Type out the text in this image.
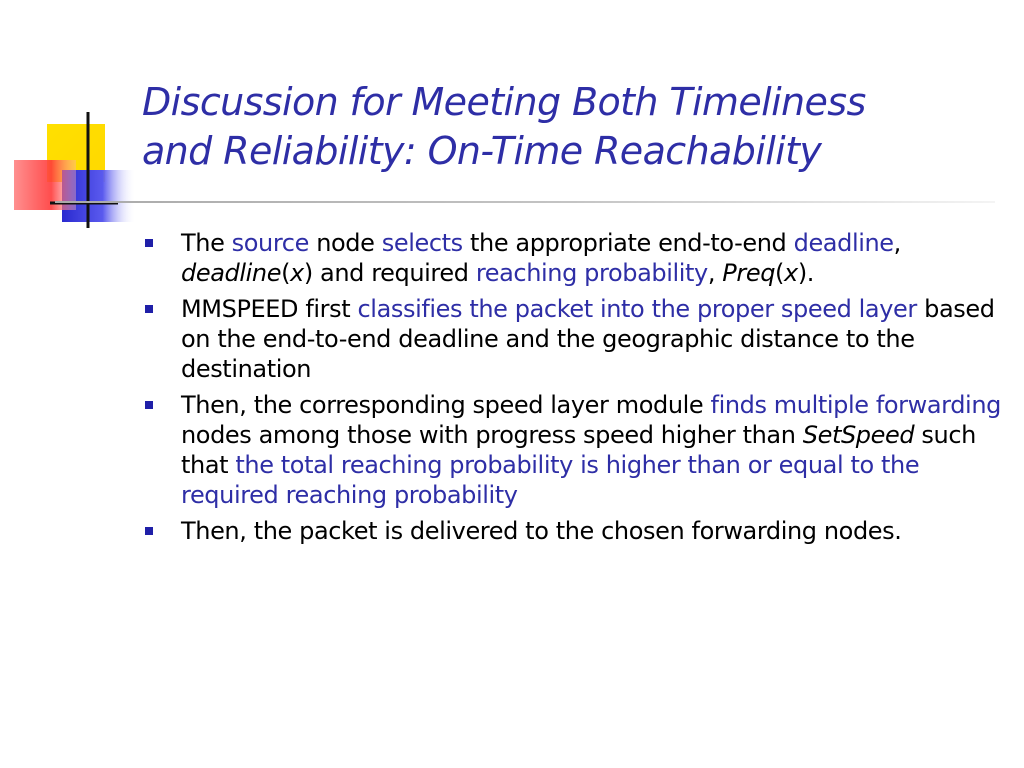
Discussion for Meeting Both Timeliness
and Reliability: On-Time Reachability
The source node selects the appropriate end-to-end deadline, deadline(x) and required reaching probability, Preq(x).
MMSPEED first classifies the packet into the proper speed layer based on the end-to-end deadline and the geographic distance to the destination
Then, the corresponding speed layer module finds multiple forwarding nodes among those with progress speed higher than SetSpeed such that the total reaching probability is higher than or equal to the required reaching probability
Then, the packet is delivered to the chosen forwarding nodes.
